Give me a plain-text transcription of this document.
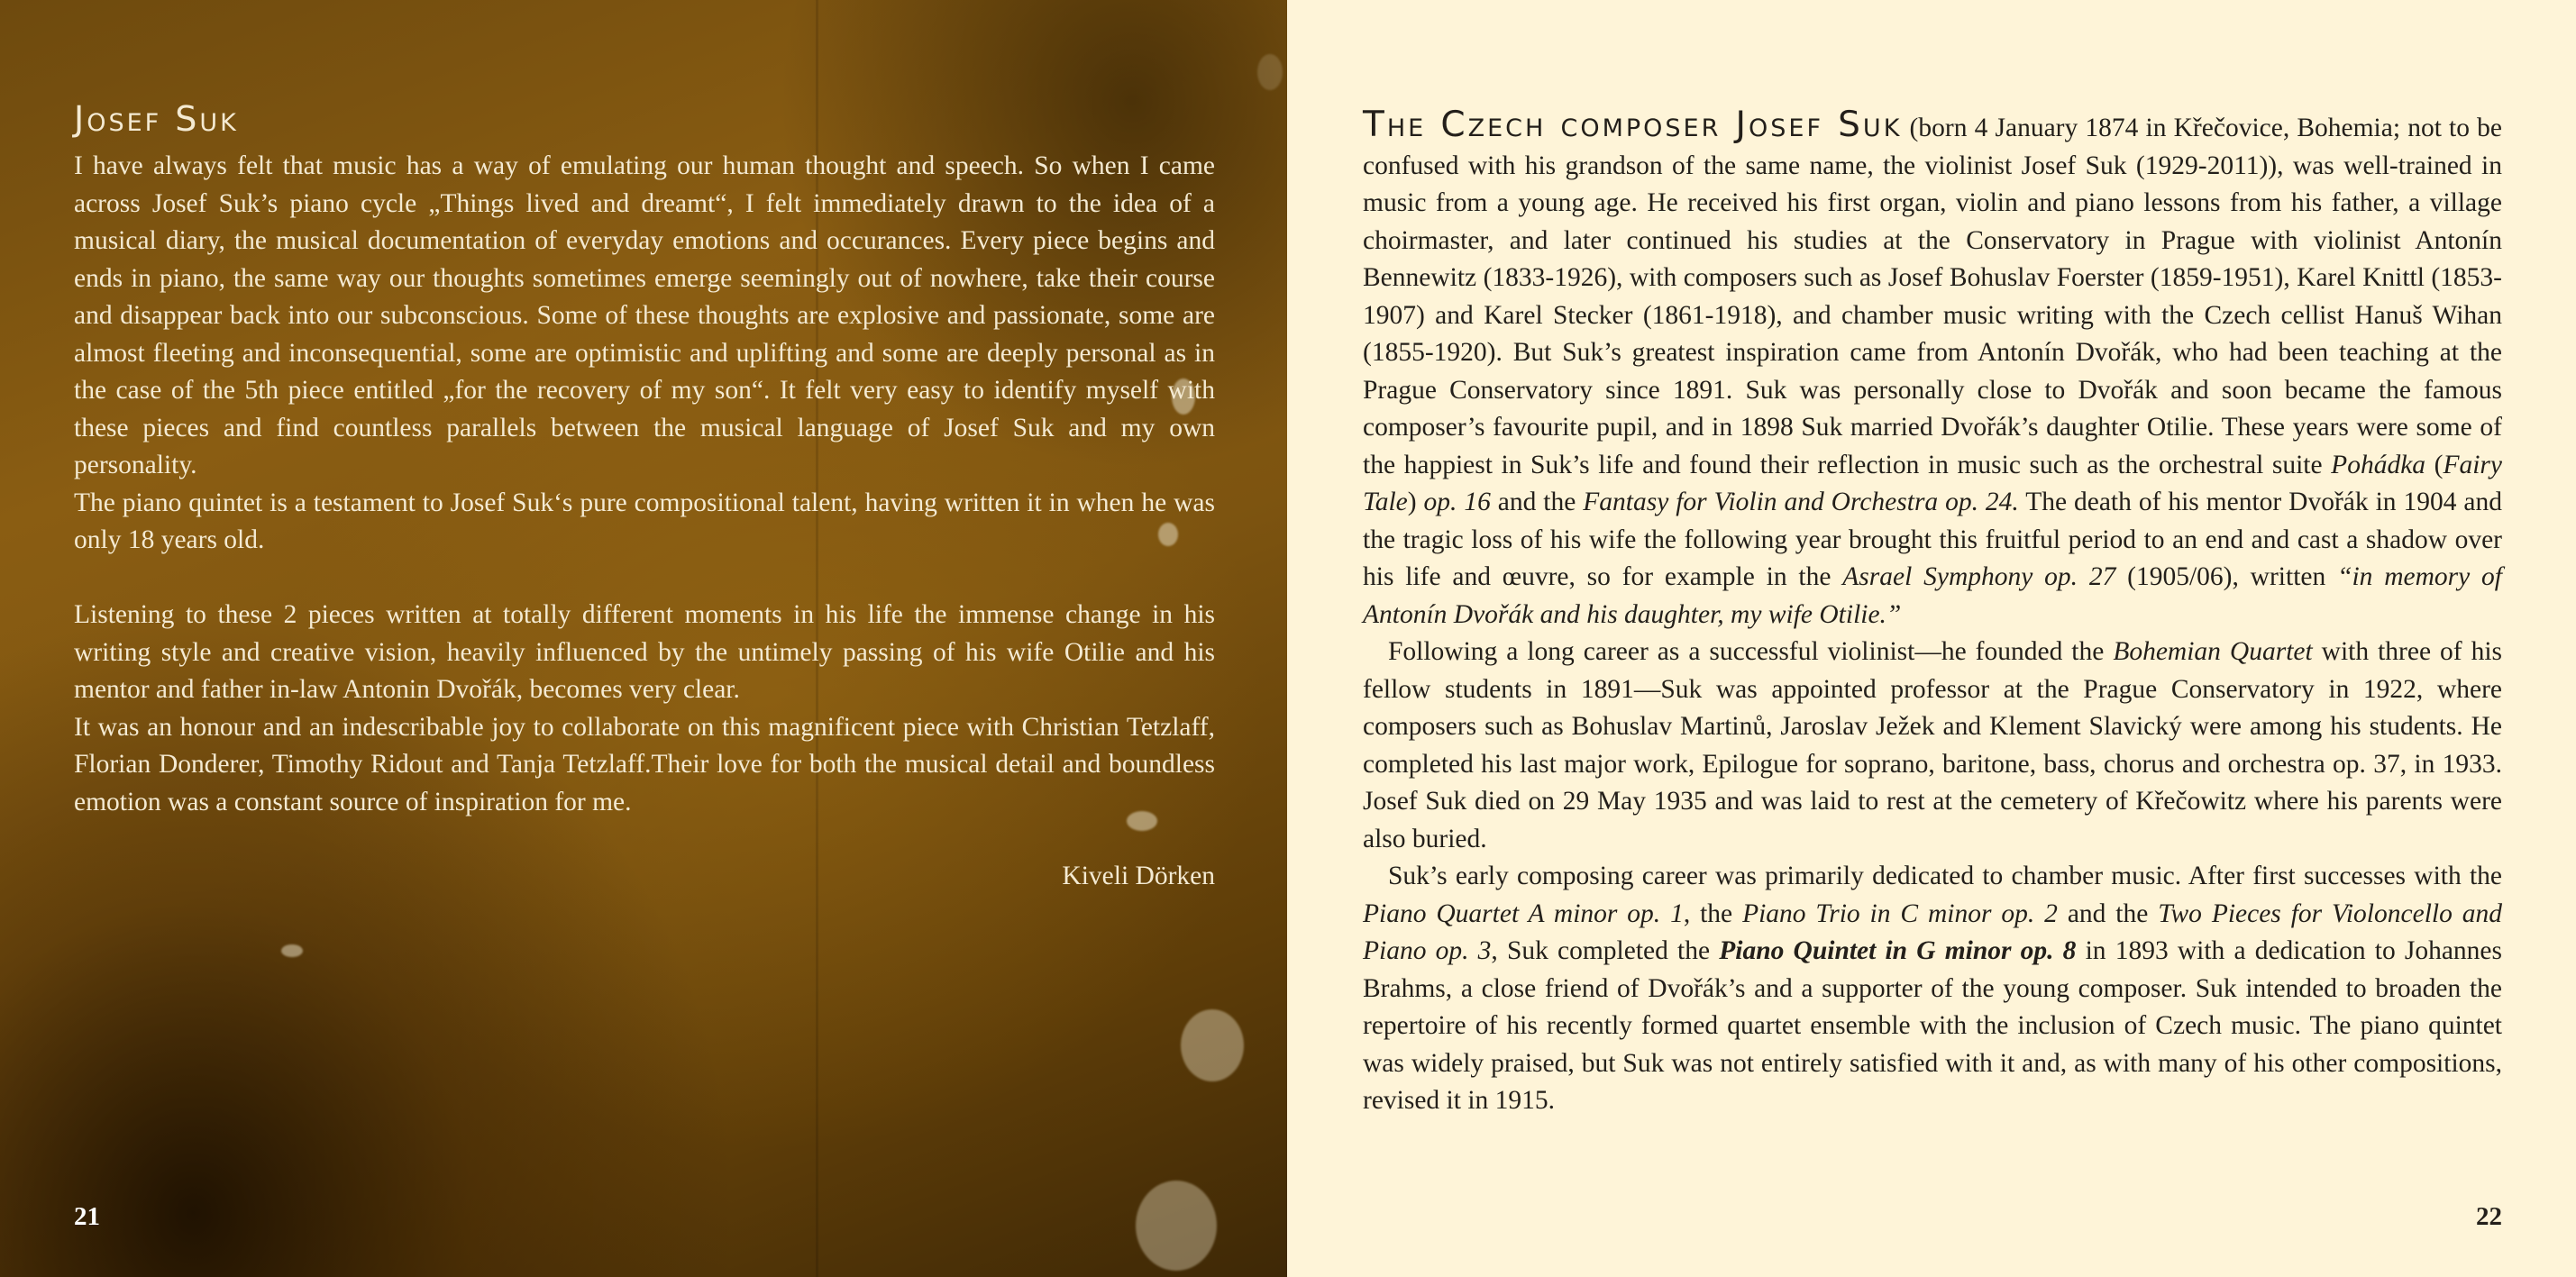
Josef Suk

I have always felt that music has a way of emulating our human thought and speech. So when I came across Josef Suk’s piano cycle „Things lived and dreamt“, I felt immediately drawn to the idea of a musical diary, the musical documentation of everyday emotions and occurances. Every piece begins and ends in piano, the same way our thoughts sometimes emerge seemingly out of nowhere, take their course and disappear back into our subconscious. Some of these thoughts are explosive and passionate, some are almost fleeting and inconsequential, some are optimistic and uplifting and some are deeply personal as in the case of the 5th piece entitled „for the recovery of my son“. It felt very easy to identify myself with these pieces and find countless parallels between the musical language of Josef Suk and my own personality.

The piano quintet is a testament to Josef Suk‘s pure compositional talent, having written it in when he was only 18 years old.

Listening to these 2 pieces written at totally different moments in his life the immense change in his writing style and creative vision, heavily influenced by the untimely passing of his wife Otilie and his mentor and father in-law Antonin Dvořák, becomes very clear.

It was an honour and an indescribable joy to collaborate on this magnificent piece with Christian Tetzlaff, Florian Donderer, Timothy Ridout and Tanja Tetzlaff.Their love for both the musical detail and boundless emotion was a constant source of inspiration for me.

Kiveli Dörken
21

The Czech composer Josef Suk (born 4 January 1874 in Křečovice, Bohemia; not to be confused with his grandson of the same name, the violinist Josef Suk (1929-2011)), was well-trained in music from a young age. He received his first organ, violin and piano lessons from his father, a village choirmaster, and later continued his studies at the Conservatory in Prague with violinist Antonín Bennewitz (1833-1926), with composers such as Josef Bohuslav Foerster (1859-1951), Karel Knittl (1853-1907) and Karel Stecker (1861-1918), and chamber music writing with the Czech cellist Hanuš Wihan (1855-1920). But Suk’s greatest inspiration came from Antonín Dvořák, who had been teaching at the Prague Conservatory since 1891. Suk was personally close to Dvořák and soon became the famous composer’s favourite pupil, and in 1898 Suk married Dvořák’s daughter Otilie. These years were some of the happiest in Suk’s life and found their reflection in music such as the orchestral suite Pohádka (Fairy Tale) op. 16 and the Fantasy for Violin and Orchestra op. 24. The death of his mentor Dvořák in 1904 and the tragic loss of his wife the following year brought this fruitful period to an end and cast a shadow over his life and œuvre, so for example in the Asrael Symphony op. 27 (1905/06), written “in memory of Antonín Dvořák and his daughter, my wife Otilie.”

Following a long career as a successful violinist—he founded the Bohemian Quartet with three of his fellow students in 1891—Suk was appointed professor at the Prague Conservatory in 1922, where composers such as Bohuslav Martinů, Jaroslav Ježek and Klement Slavický were among his students. He completed his last major work, Epilogue for soprano, baritone, bass, chorus and orchestra op. 37, in 1933. Josef Suk died on 29 May 1935 and was laid to rest at the cemetery of Křečowitz where his parents were also buried.

Suk’s early composing career was primarily dedicated to chamber music. After first successes with the Piano Quartet A minor op. 1, the Piano Trio in C minor op. 2 and the Two Pieces for Violoncello and Piano op. 3, Suk completed the Piano Quintet in G minor op. 8 in 1893 with a dedication to Johannes Brahms, a close friend of Dvořák’s and a supporter of the young composer. Suk intended to broaden the repertoire of his recently formed quartet ensemble with the inclusion of Czech music. The piano quintet was widely praised, but Suk was not entirely satisfied with it and, as with many of his other compositions, revised it in 1915.

22
